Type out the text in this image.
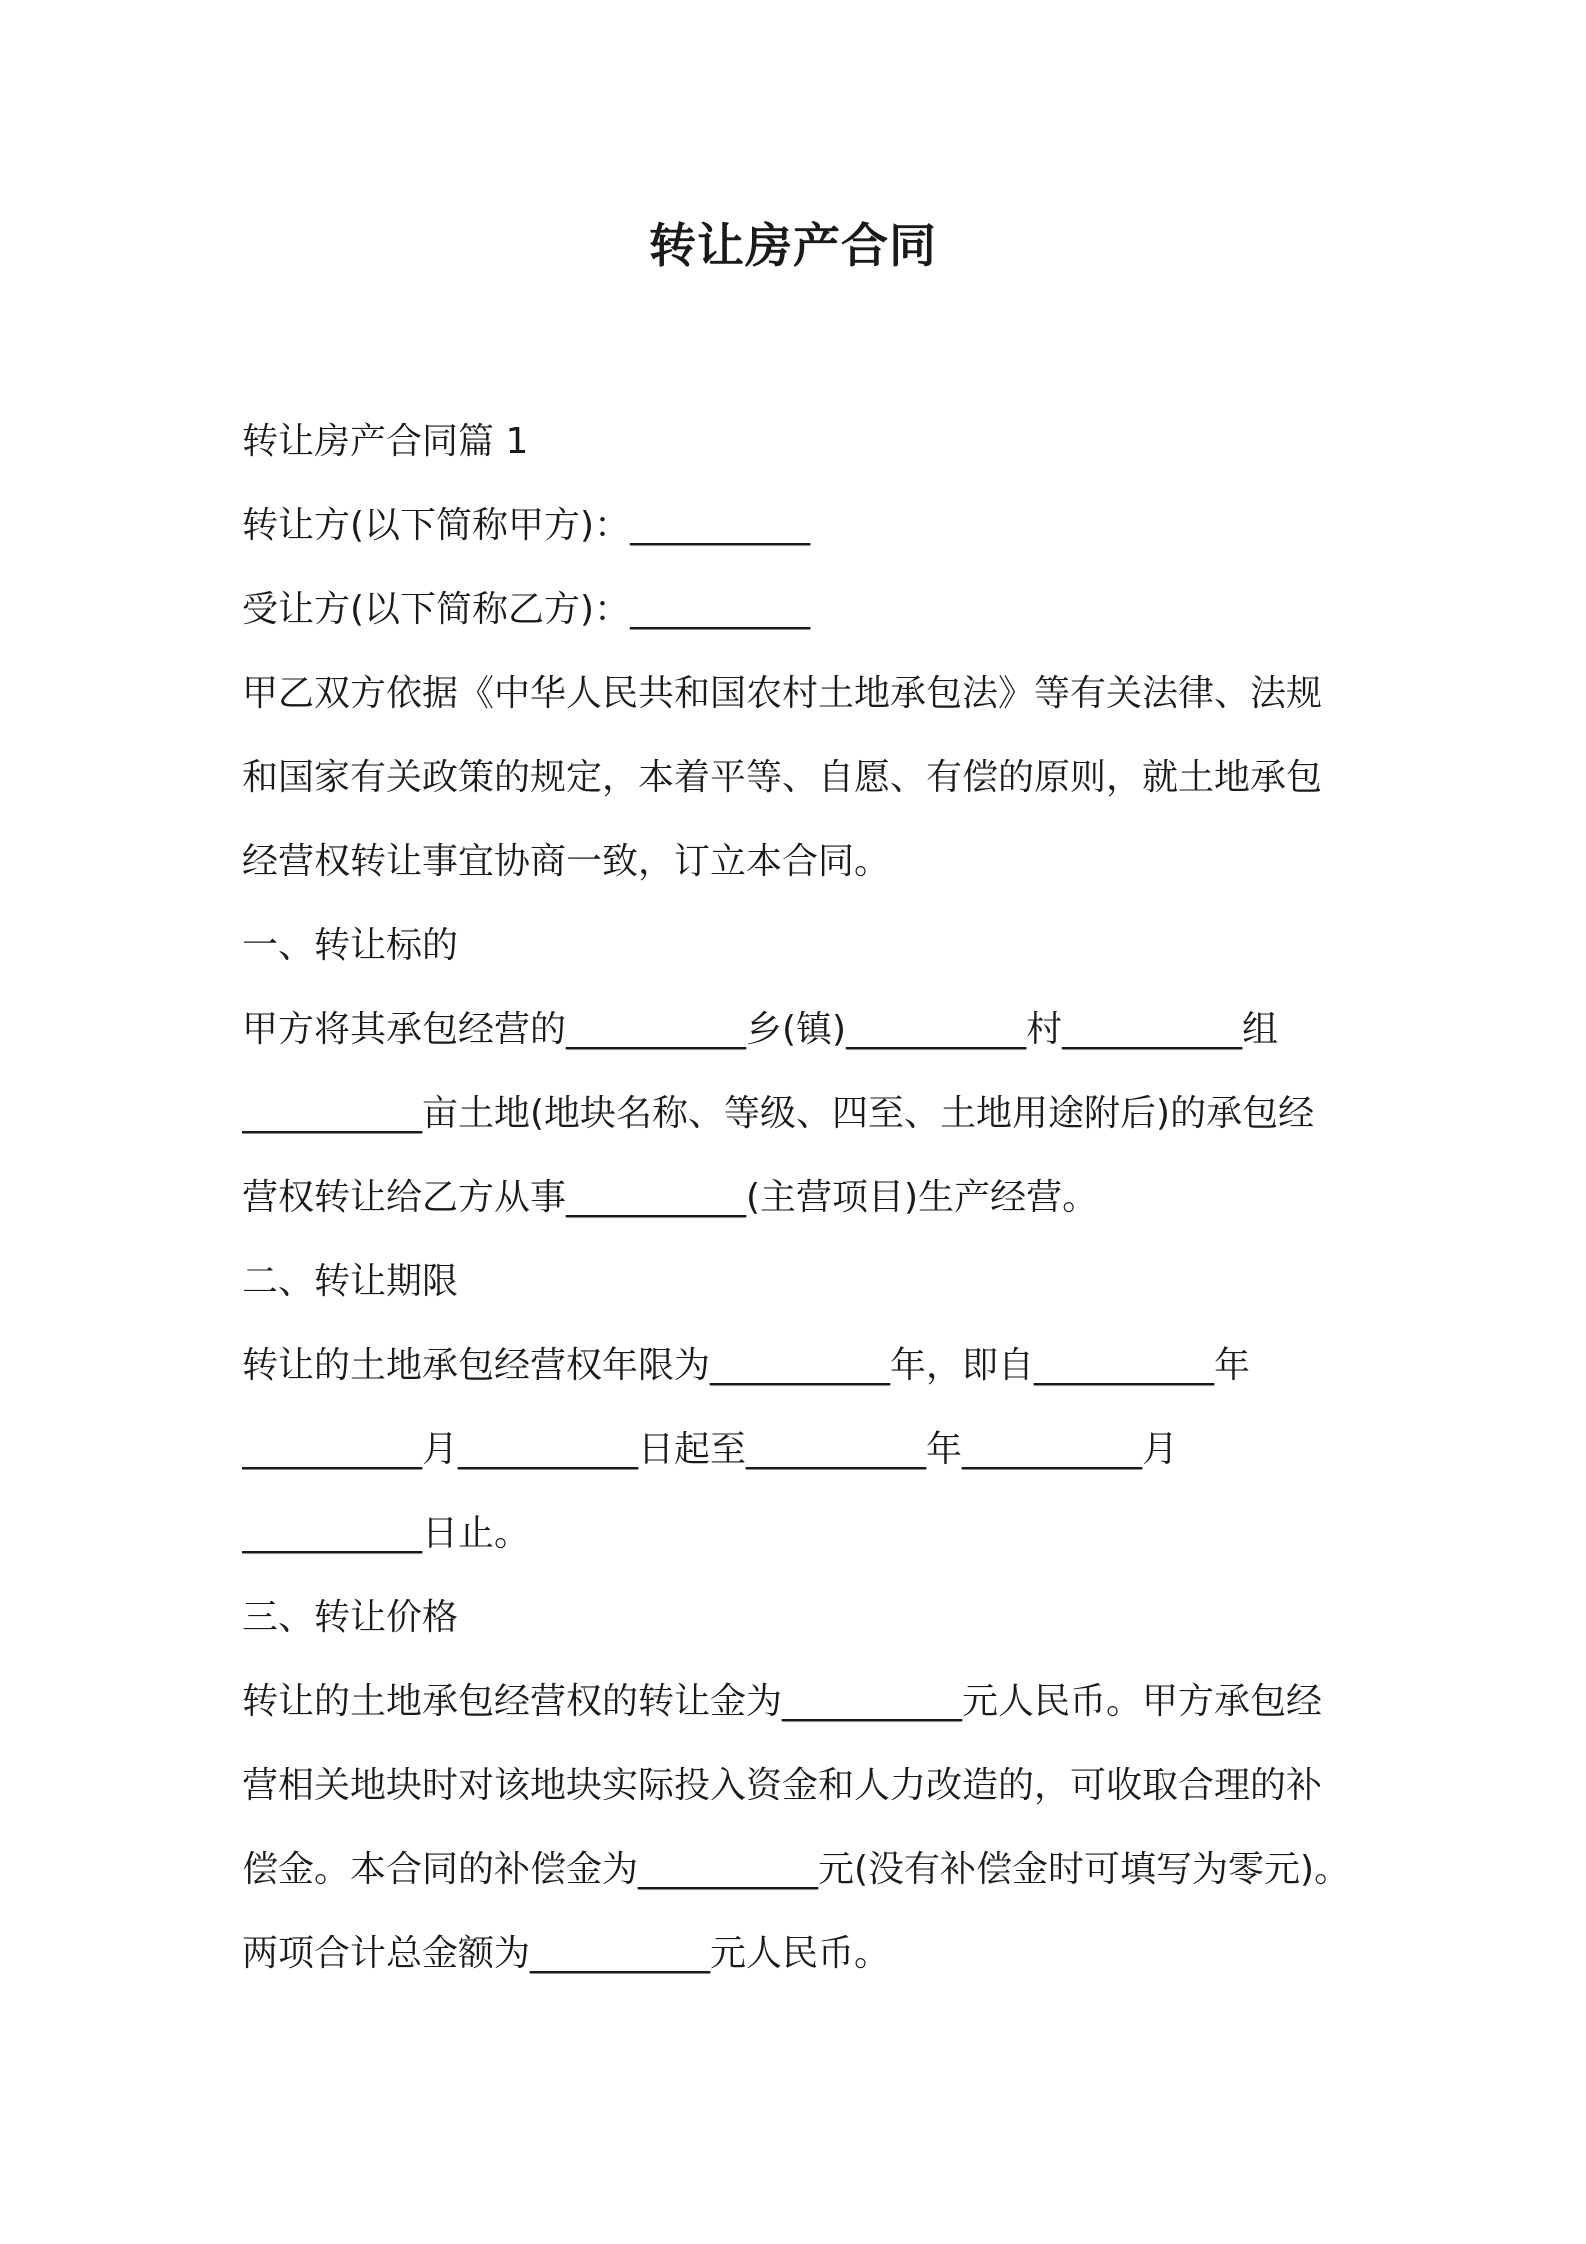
转让房产合同

转让房产合同篇 1

转让方(以下简称甲方)：__________

受让方(以下简称乙方)：__________

甲乙双方依据《中华人民共和国农村土地承包法》等有关法律、法规

和国家有关政策的规定，本着平等、自愿、有偿的原则，就土地承包

经营权转让事宜协商一致，订立本合同。

一、转让标的

甲方将其承包经营的__________乡(镇)__________村__________组

__________亩土地(地块名称、等级、四至、土地用途附后)的承包经

营权转让给乙方从事__________(主营项目)生产经营。

二、转让期限

转让的土地承包经营权年限为__________年，即自__________年

__________月__________日起至__________年__________月

__________日止。

三、转让价格

转让的土地承包经营权的转让金为__________元人民币。甲方承包经

营相关地块时对该地块实际投入资金和人力改造的，可收取合理的补

偿金。本合同的补偿金为__________元(没有补偿金时可填写为零元)。

两项合计总金额为__________元人民币。
